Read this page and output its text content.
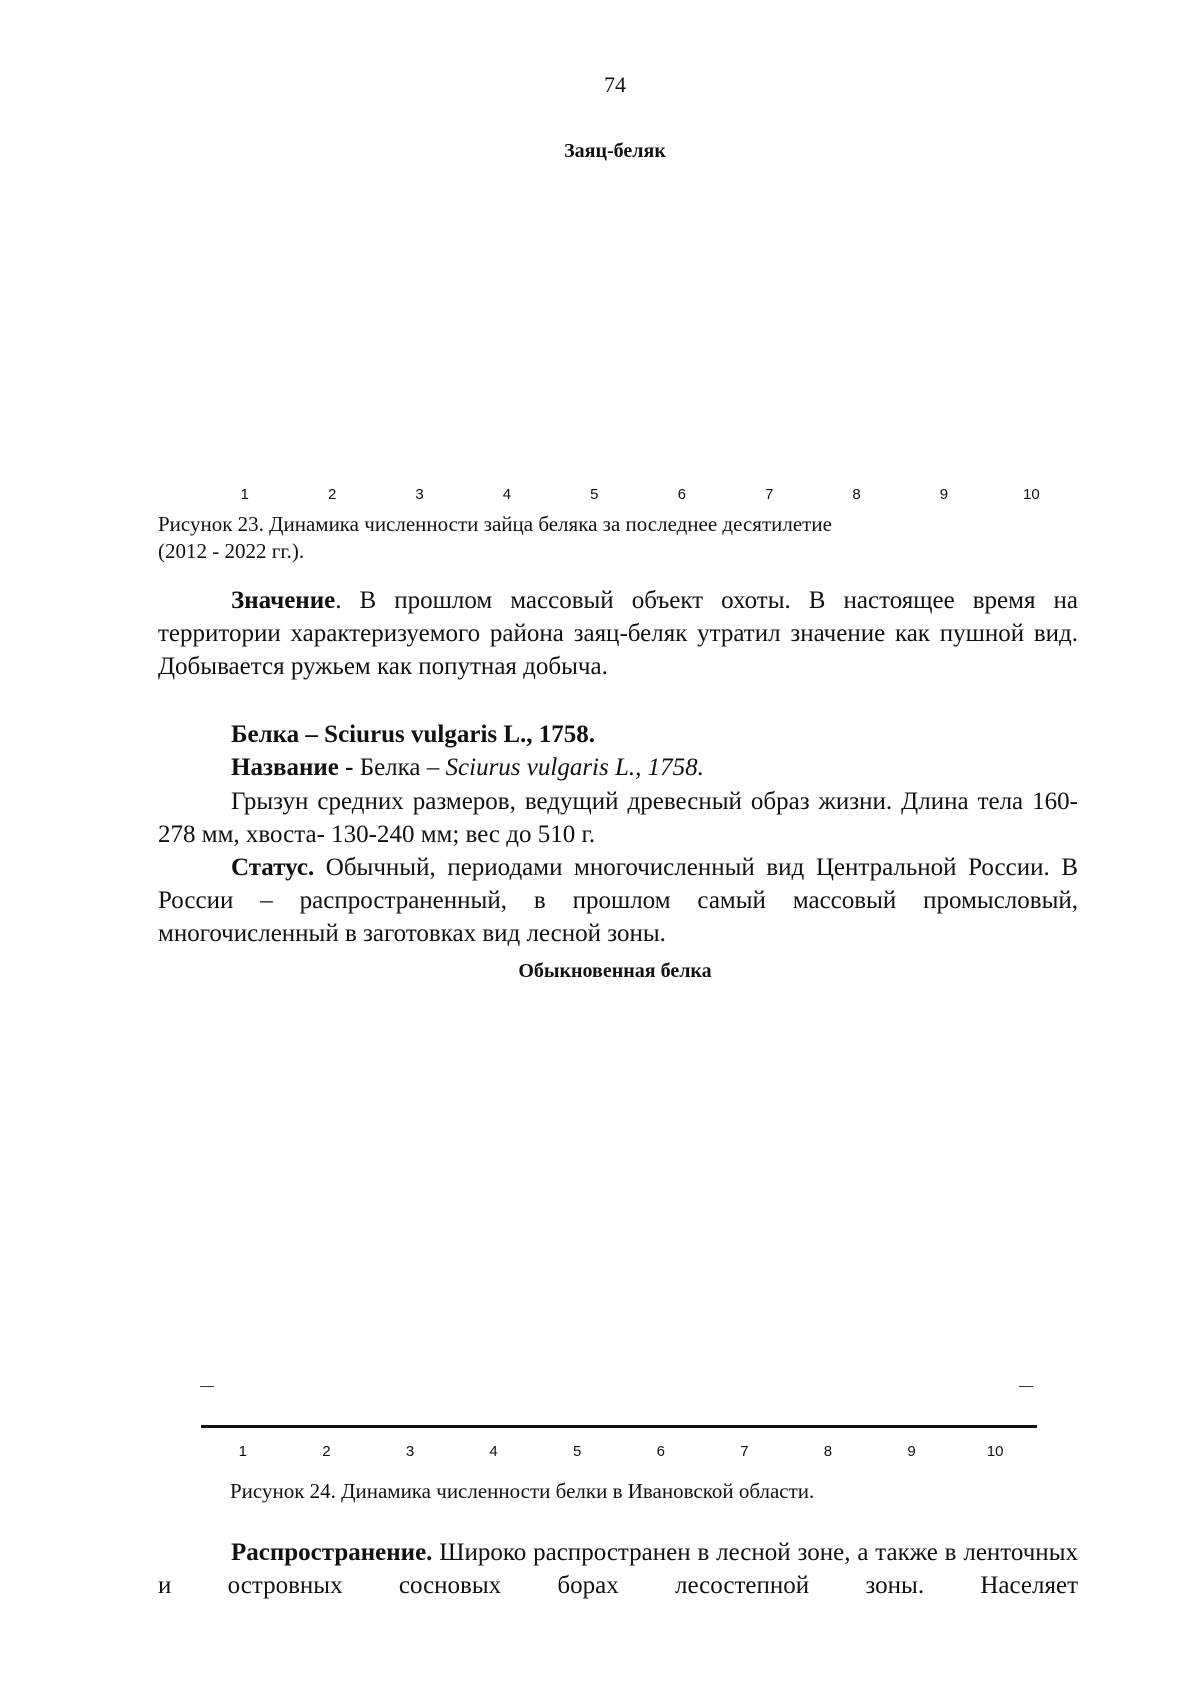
74
Заяц-беляк
1	2	3	4	5	6	7	8	9	10
Рисунок 23. Динамика численности зайца беляка за последнее десятилетие
(2012 - 2022 гг.).
Значение. В прошлом массовый объект охоты. В настоящее время на территории характеризуемого района заяц-беляк утратил значение как пушной вид. Добывается ружьем как попутная добыча.
Белка – Sciurus vulgaris L., 1758.
Название - Белка – Sciurus vulgaris L., 1758.
Грызун средних размеров, ведущий древесный образ жизни. Длина тела 160-278 мм, хвоста- 130-240 мм; вес до 510 г.
Статус. Обычный, периодами многочисленный вид Центральной России. В России – распространенный, в прошлом самый массовый промысловый, многочисленный в заготовках вид лесной зоны.
Обыкновенная белка
1	2	3	4	5	6	7	8	9	10
Рисунок 24. Динамика численности белки в Ивановской области.
Распространение. Широко распространен в лесной зоне, а также в ленточных и островных сосновых борах лесостепной зоны. Населяет
